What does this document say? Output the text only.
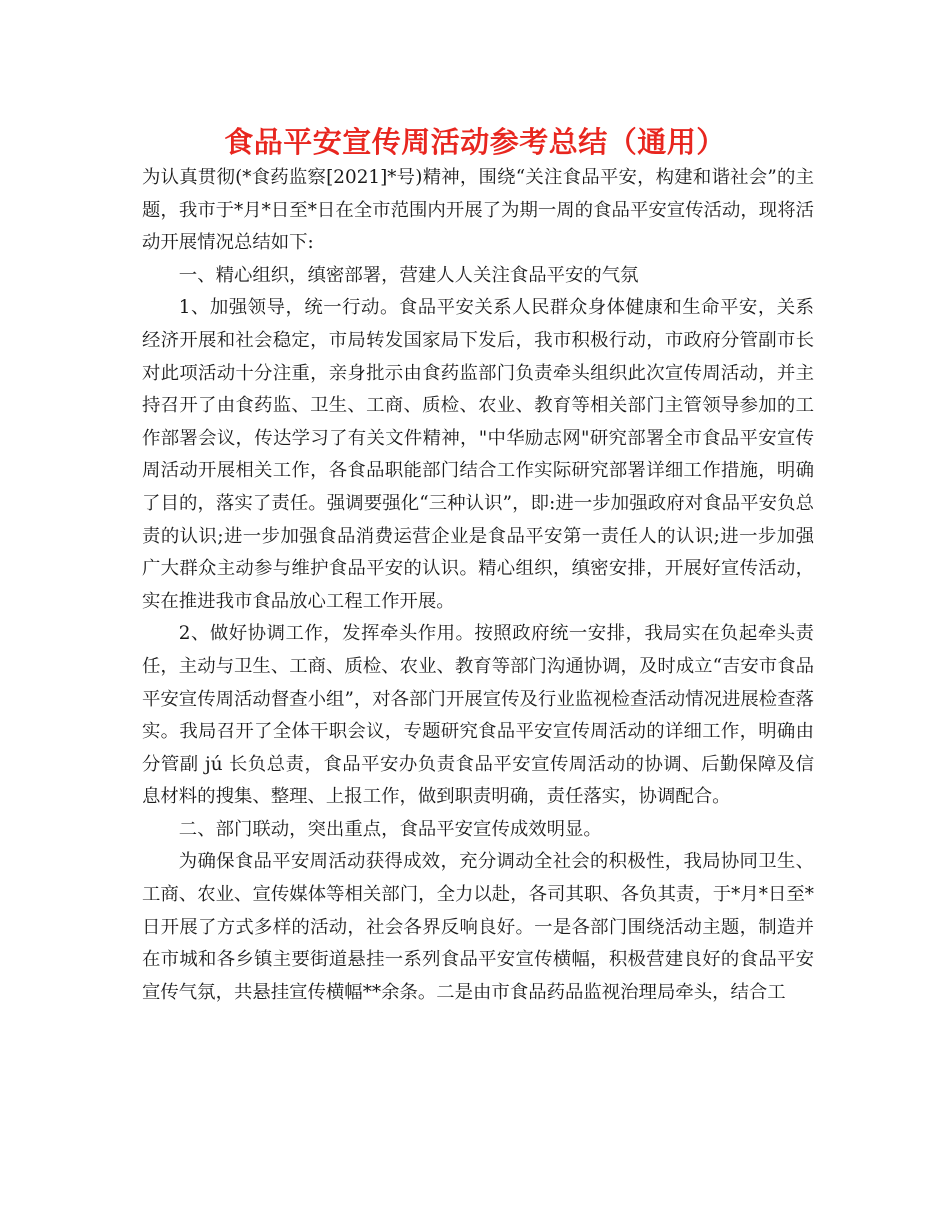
食品平安宣传周活动参考总结（通用）

为认真贯彻(*食药监察[2021]*号)精神，围绕“关注食品平安，构建和谐社会”的主题，我市于*月*日至*日在全市范围内开展了为期一周的食品平安宣传活动，现将活动开展情况总结如下:

一、精心组织，缜密部署，营建人人关注食品平安的气氛

1、加强领导，统一行动。食品平安关系人民群众身体健康和生命平安，关系经济开展和社会稳定，市局转发国家局下发后，我市积极行动，市政府分管副市长对此项活动十分注重，亲身批示由食药监部门负责牵头组织此次宣传周活动，并主持召开了由食药监、卫生、工商、质检、农业、教育等相关部门主管领导参加的工作部署会议，传达学习了有关文件精神，"中华励志网"研究部署全市食品平安宣传周活动开展相关工作，各食品职能部门结合工作实际研究部署详细工作措施，明确了目的，落实了责任。强调要强化“三种认识”，即:进一步加强政府对食品平安负总责的认识;进一步加强食品消费运营企业是食品平安第一责任人的认识;进一步加强广大群众主动参与维护食品平安的认识。精心组织，缜密安排，开展好宣传活动，实在推进我市食品放心工程工作开展。

2、做好协调工作，发挥牵头作用。按照政府统一安排，我局实在负起牵头责任，主动与卫生、工商、质检、农业、教育等部门沟通协调，及时成立“吉安市食品平安宣传周活动督查小组”，对各部门开展宣传及行业监视检查活动情况进展检查落实。我局召开了全体干职会议，专题研究食品平安宣传周活动的详细工作，明确由分管副 jú 长负总责，食品平安办负责食品平安宣传周活动的协调、后勤保障及信息材料的搜集、整理、上报工作，做到职责明确，责任落实，协调配合。

二、部门联动，突出重点，食品平安宣传成效明显。

为确保食品平安周活动获得成效，充分调动全社会的积极性，我局协同卫生、工商、农业、宣传媒体等相关部门，全力以赴，各司其职、各负其责，于*月*日至*日开展了方式多样的活动，社会各界反响良好。一是各部门围绕活动主题，制造并在市城和各乡镇主要街道悬挂一系列食品平安宣传横幅，积极营建良好的食品平安宣传气氛，共悬挂宣传横幅**余条。二是由市食品药品监视治理局牵头，结合工
